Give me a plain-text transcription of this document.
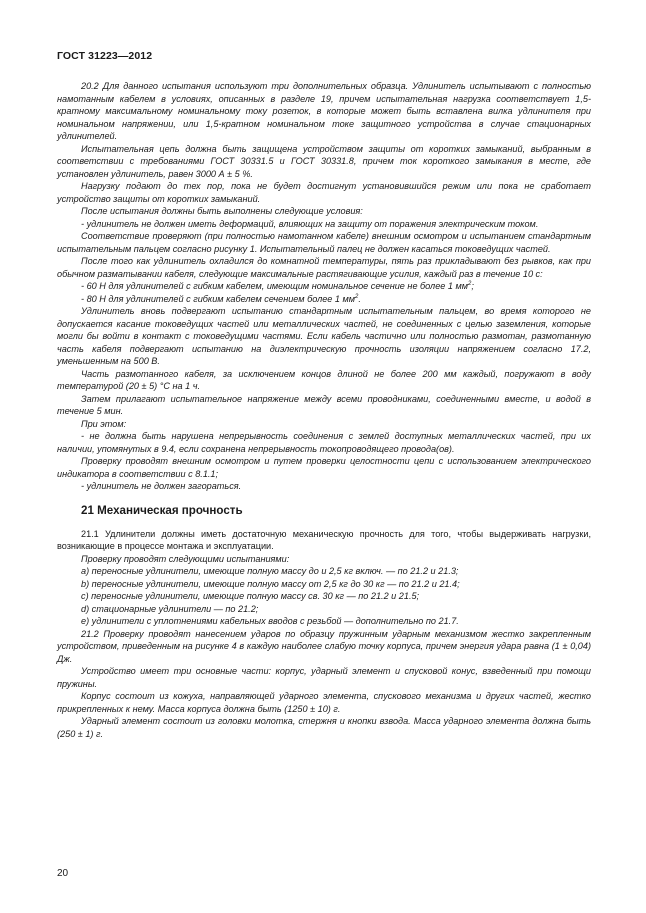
ГОСТ 31223—2012

20.2 Для данного испытания используют три дополнительных образца. Удлинитель испытывают с полностью намотанным кабелем в условиях, описанных в разделе 19, причем испытательная нагрузка соответствует 1,5-кратному максимальному номинальному току розеток, в которые может быть вставлена вилка удлинителя при номинальном напряжении, или 1,5-кратном номинальном токе защитного устройства в случае стационарных удлинителей.

Испытательная цепь должна быть защищена устройством защиты от коротких замыканий, выбранным в соответствии с требованиями ГОСТ 30331.5 и ГОСТ 30331.8, причем ток короткого замыкания в месте, где установлен удлинитель, равен 3000 А ± 5 %.

Нагрузку подают до тех пор, пока не будет достигнут установившийся режим или пока не сработает устройство защиты от коротких замыканий.

После испытания должны быть выполнены следующие условия:

- удлинитель не должен иметь деформаций, влияющих на защиту от поражения электрическим током.

Соответствие проверяют (при полностью намотанном кабеле) внешним осмотром и испытанием стандартным испытательным пальцем согласно рисунку 1. Испытательный палец не должен касаться токоведущих частей.

После того как удлинитель охладился до комнатной температуры, пять раз прикладывают без рывков, как при обычном разматывании кабеля, следующие максимальные растягивающие усилия, каждый раз в течение 10 с:

- 60 Н для удлинителей с гибким кабелем, имеющим номинальное сечение не более 1 $мм^2$;

- 80 Н для удлинителей с гибким кабелем сечением более 1 $мм^2$.

Удлинитель вновь подвергают испытанию стандартным испытательным пальцем, во время которого не допускается касание токоведущих частей или металлических частей, не соединенных с целью заземления, которые могли бы войти в контакт с токоведущими частями. Если кабель частично или полностью размотан, размотанную часть кабеля подвергают испытанию на диэлектрическую прочность изоляции напряжением согласно 17.2, уменьшенным на 500 В.

Часть размотанного кабеля, за исключением концов длиной не более 200 мм каждый, погружают в воду температурой (20 ± 5) °С на 1 ч.

Затем прилагают испытательное напряжение между всеми проводниками, соединенными вместе, и водой в течение 5 мин.

При этом:

- не должна быть нарушена непрерывность соединения с землей доступных металлических частей, при их наличии, упомянутых в 9.4, если сохранена непрерывность токопроводящего провода(ов).

Проверку проводят внешним осмотром и путем проверки целостности цепи с использованием электрического индикатора в соответствии с 8.1.1;

- удлинитель не должен загораться.

21 Механическая прочность

21.1 Удлинители должны иметь достаточную механическую прочность для того, чтобы выдерживать нагрузки, возникающие в процессе монтажа и эксплуатации.

Проверку проводят следующими испытаниями:

а) переносные удлинители, имеющие полную массу до и 2,5 кг включ. — по 21.2 и 21.3;

b) переносные удлинители, имеющие полную массу от 2,5 кг до 30 кг — по 21.2 и 21.4;

с) переносные удлинители, имеющие полную массу св. 30 кг — по 21.2 и 21.5;

d) стационарные удлинители — по 21.2;

e) удлинители с уплотнениями кабельных вводов с резьбой — дополнительно по 21.7.

21.2 Проверку проводят нанесением ударов по образцу пружинным ударным механизмом жестко закрепленным устройством, приведенным на рисунке 4 в каждую наиболее слабую точку корпуса, причем энергия удара равна (1 ± 0,04) Дж.

Устройство имеет три основные части: корпус, ударный элемент и спусковой конус, взведенный при помощи пружины.

Корпус состоит из кожуха, направляющей ударного элемента, спускового механизма и других частей, жестко прикрепленных к нему. Масса корпуса должна быть (1250 ± 10) г.

Ударный элемент состоит из головки молотка, стержня и кнопки взвода. Масса ударного элемента должна быть (250 ± 1) г.

20
